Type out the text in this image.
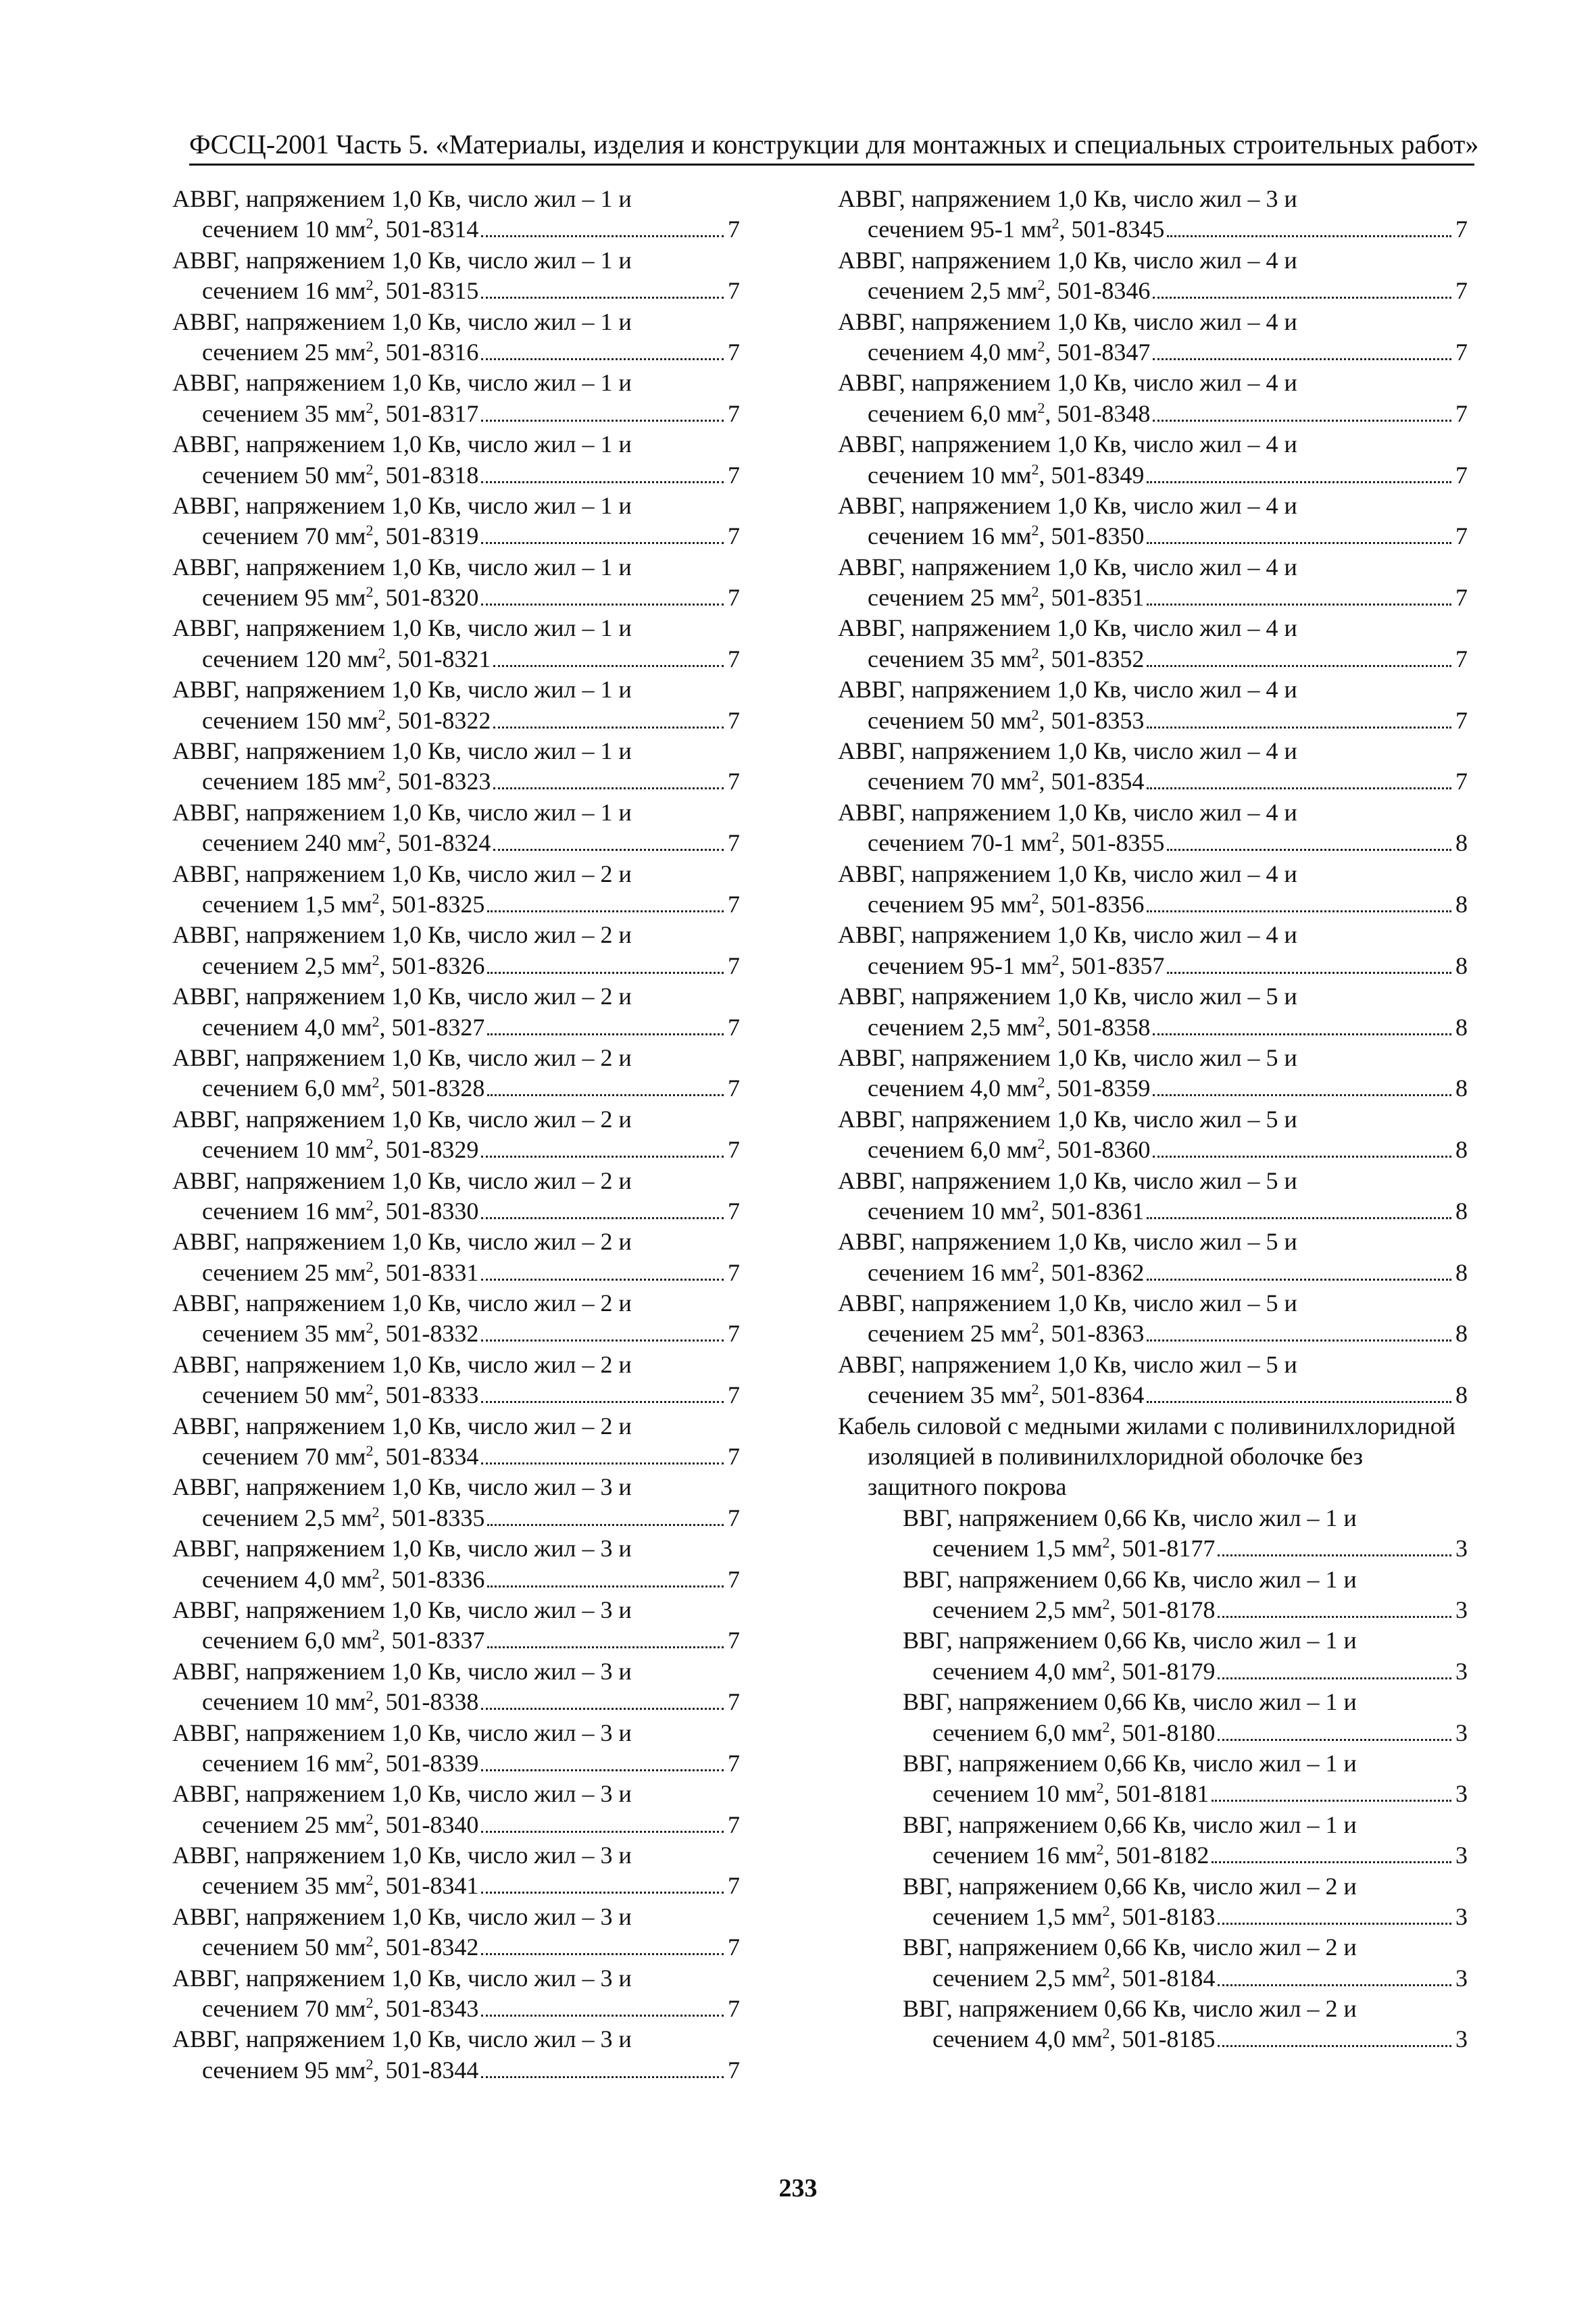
ФССЦ-2001 Часть 5. «Материалы, изделия и конструкции для монтажных и специальных строительных работ»
АВВГ, напряжением 1,0 Кв, число жил – 1 и
сечением 10 $мм^2$, 501-8314	7
АВВГ, напряжением 1,0 Кв, число жил – 1 и
сечением 16 $мм^2$, 501-8315	7
АВВГ, напряжением 1,0 Кв, число жил – 1 и
сечением 25 $мм^2$, 501-8316	7
АВВГ, напряжением 1,0 Кв, число жил – 1 и
сечением 35 $мм^2$, 501-8317	7
АВВГ, напряжением 1,0 Кв, число жил – 1 и
сечением 50 $мм^2$, 501-8318	7
АВВГ, напряжением 1,0 Кв, число жил – 1 и
сечением 70 $мм^2$, 501-8319	7
АВВГ, напряжением 1,0 Кв, число жил – 1 и
сечением 95 $мм^2$, 501-8320	7
АВВГ, напряжением 1,0 Кв, число жил – 1 и
сечением 120 $мм^2$, 501-8321	7
АВВГ, напряжением 1,0 Кв, число жил – 1 и
сечением 150 $мм^2$, 501-8322	7
АВВГ, напряжением 1,0 Кв, число жил – 1 и
сечением 185 $мм^2$, 501-8323	7
АВВГ, напряжением 1,0 Кв, число жил – 1 и
сечением 240 $мм^2$, 501-8324	7
АВВГ, напряжением 1,0 Кв, число жил – 2 и
сечением 1,5 $мм^2$, 501-8325	7
АВВГ, напряжением 1,0 Кв, число жил – 2 и
сечением 2,5 $мм^2$, 501-8326	7
АВВГ, напряжением 1,0 Кв, число жил – 2 и
сечением 4,0 $мм^2$, 501-8327	7
АВВГ, напряжением 1,0 Кв, число жил – 2 и
сечением 6,0 $мм^2$, 501-8328	7
АВВГ, напряжением 1,0 Кв, число жил – 2 и
сечением 10 $мм^2$, 501-8329	7
АВВГ, напряжением 1,0 Кв, число жил – 2 и
сечением 16 $мм^2$, 501-8330	7
АВВГ, напряжением 1,0 Кв, число жил – 2 и
сечением 25 $мм^2$, 501-8331	7
АВВГ, напряжением 1,0 Кв, число жил – 2 и
сечением 35 $мм^2$, 501-8332	7
АВВГ, напряжением 1,0 Кв, число жил – 2 и
сечением 50 $мм^2$, 501-8333	7
АВВГ, напряжением 1,0 Кв, число жил – 2 и
сечением 70 $мм^2$, 501-8334	7
АВВГ, напряжением 1,0 Кв, число жил – 3 и
сечением 2,5 $мм^2$, 501-8335	7
АВВГ, напряжением 1,0 Кв, число жил – 3 и
сечением 4,0 $мм^2$, 501-8336	7
АВВГ, напряжением 1,0 Кв, число жил – 3 и
сечением 6,0 $мм^2$, 501-8337	7
АВВГ, напряжением 1,0 Кв, число жил – 3 и
сечением 10 $мм^2$, 501-8338	7
АВВГ, напряжением 1,0 Кв, число жил – 3 и
сечением 16 $мм^2$, 501-8339	7
АВВГ, напряжением 1,0 Кв, число жил – 3 и
сечением 25 $мм^2$, 501-8340	7
АВВГ, напряжением 1,0 Кв, число жил – 3 и
сечением 35 $мм^2$, 501-8341	7
АВВГ, напряжением 1,0 Кв, число жил – 3 и
сечением 50 $мм^2$, 501-8342	7
АВВГ, напряжением 1,0 Кв, число жил – 3 и
сечением 70 $мм^2$, 501-8343	7
АВВГ, напряжением 1,0 Кв, число жил – 3 и
сечением 95 $мм^2$, 501-8344	7
АВВГ, напряжением 1,0 Кв, число жил – 3 и
сечением 95-1 $мм^2$, 501-8345	7
АВВГ, напряжением 1,0 Кв, число жил – 4 и
сечением 2,5 $мм^2$, 501-8346	7
АВВГ, напряжением 1,0 Кв, число жил – 4 и
сечением 4,0 $мм^2$, 501-8347	7
АВВГ, напряжением 1,0 Кв, число жил – 4 и
сечением 6,0 $мм^2$, 501-8348	7
АВВГ, напряжением 1,0 Кв, число жил – 4 и
сечением 10 $мм^2$, 501-8349	7
АВВГ, напряжением 1,0 Кв, число жил – 4 и
сечением 16 $мм^2$, 501-8350	7
АВВГ, напряжением 1,0 Кв, число жил – 4 и
сечением 25 $мм^2$, 501-8351	7
АВВГ, напряжением 1,0 Кв, число жил – 4 и
сечением 35 $мм^2$, 501-8352	7
АВВГ, напряжением 1,0 Кв, число жил – 4 и
сечением 50 $мм^2$, 501-8353	7
АВВГ, напряжением 1,0 Кв, число жил – 4 и
сечением 70 $мм^2$, 501-8354	7
АВВГ, напряжением 1,0 Кв, число жил – 4 и
сечением 70-1 $мм^2$, 501-8355	8
АВВГ, напряжением 1,0 Кв, число жил – 4 и
сечением 95 $мм^2$, 501-8356	8
АВВГ, напряжением 1,0 Кв, число жил – 4 и
сечением 95-1 $мм^2$, 501-8357	8
АВВГ, напряжением 1,0 Кв, число жил – 5 и
сечением 2,5 $мм^2$, 501-8358	8
АВВГ, напряжением 1,0 Кв, число жил – 5 и
сечением 4,0 $мм^2$, 501-8359	8
АВВГ, напряжением 1,0 Кв, число жил – 5 и
сечением 6,0 $мм^2$, 501-8360	8
АВВГ, напряжением 1,0 Кв, число жил – 5 и
сечением 10 $мм^2$, 501-8361	8
АВВГ, напряжением 1,0 Кв, число жил – 5 и
сечением 16 $мм^2$, 501-8362	8
АВВГ, напряжением 1,0 Кв, число жил – 5 и
сечением 25 $мм^2$, 501-8363	8
АВВГ, напряжением 1,0 Кв, число жил – 5 и
сечением 35 $мм^2$, 501-8364	8
Кабель силовой с медными жилами с поливинилхлоридной изоляцией в поливинилхлоридной оболочке без защитного покрова
ВВГ, напряжением 0,66 Кв, число жил – 1 и
сечением 1,5 $мм^2$, 501-8177	3
ВВГ, напряжением 0,66 Кв, число жил – 1 и
сечением 2,5 $мм^2$, 501-8178	3
ВВГ, напряжением 0,66 Кв, число жил – 1 и
сечением 4,0 $мм^2$, 501-8179	3
ВВГ, напряжением 0,66 Кв, число жил – 1 и
сечением 6,0 $мм^2$, 501-8180	3
ВВГ, напряжением 0,66 Кв, число жил – 1 и
сечением 10 $мм^2$, 501-8181	3
ВВГ, напряжением 0,66 Кв, число жил – 1 и
сечением 16 $мм^2$, 501-8182	3
ВВГ, напряжением 0,66 Кв, число жил – 2 и
сечением 1,5 $мм^2$, 501-8183	3
ВВГ, напряжением 0,66 Кв, число жил – 2 и
сечением 2,5 $мм^2$, 501-8184	3
ВВГ, напряжением 0,66 Кв, число жил – 2 и
сечением 4,0 $мм^2$, 501-8185	3
233
